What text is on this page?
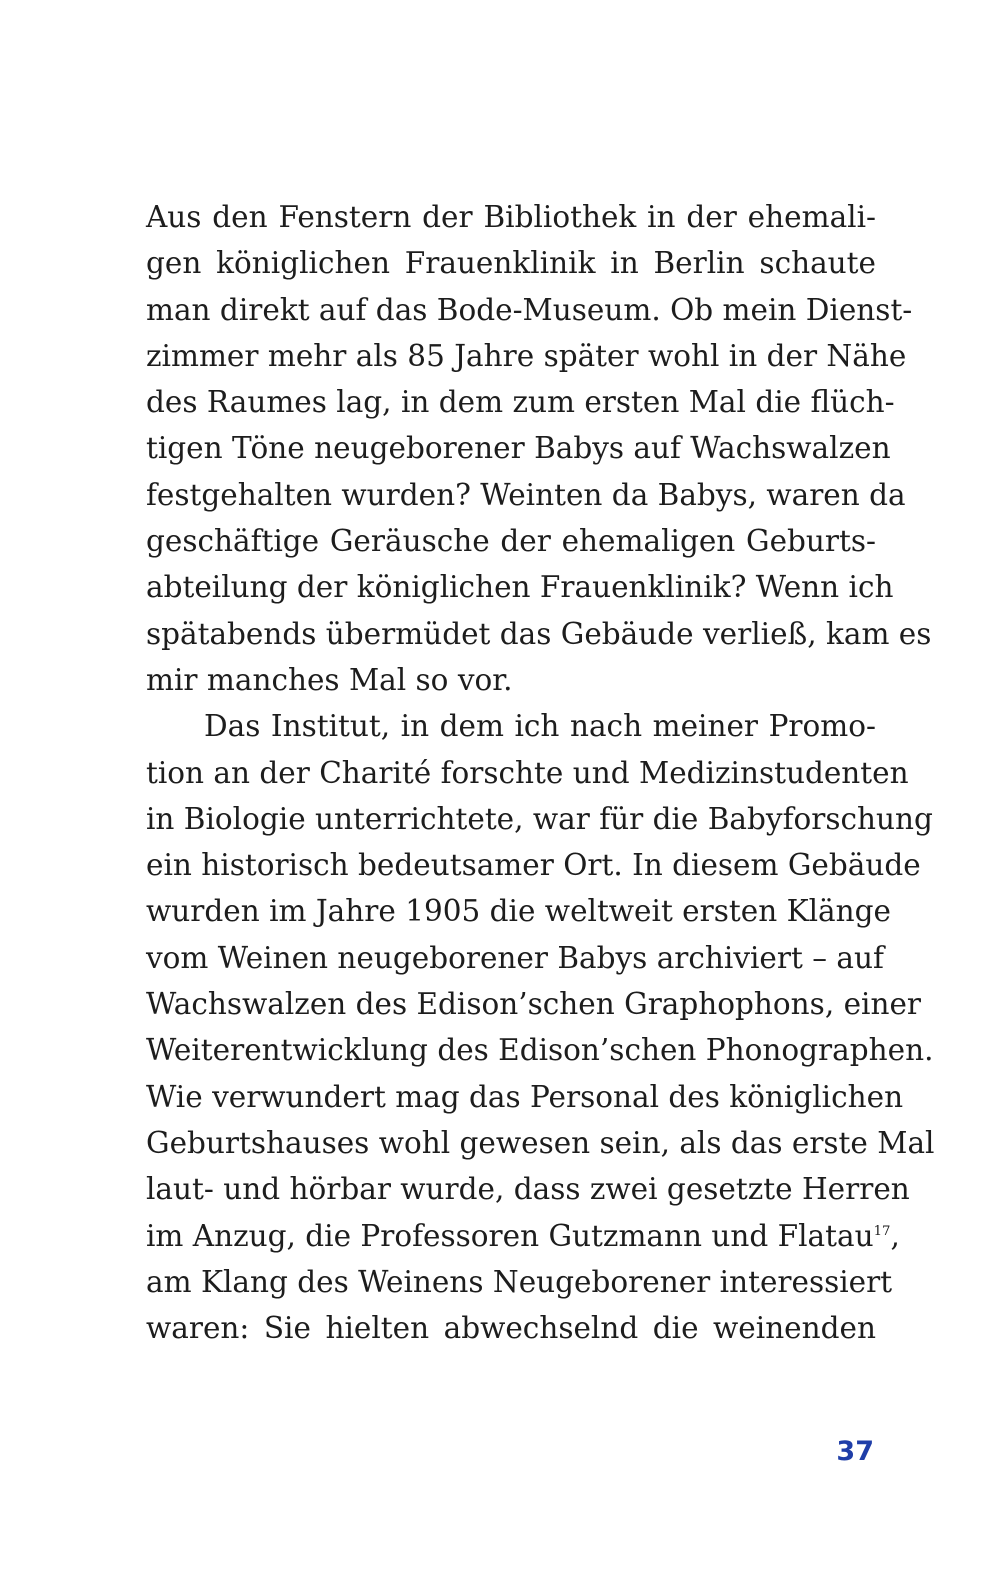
Aus den Fenstern der Bibliothek in der ehemali-
gen königlichen Frauenklinik in Berlin schaute
man direkt auf das Bode-Museum. Ob mein Dienst-
zimmer mehr als 85 Jahre später wohl in der Nähe
des Raumes lag, in dem zum ersten Mal die flüch-
tigen Töne neugeborener Babys auf Wachswalzen
festgehalten wurden? Weinten da Babys, waren da
geschäftige Geräusche der ehemaligen Geburts-
abteilung der königlichen Frauenklinik? Wenn ich
spätabends übermüdet das Gebäude verließ, kam es
mir manches Mal so vor.
Das Institut, in dem ich nach meiner Promo-
tion an der Charité forschte und Medizinstudenten
in Biologie unterrichtete, war für die Babyforschung
ein historisch bedeutsamer Ort. In diesem Gebäude
wurden im Jahre 1905 die weltweit ersten Klänge
vom Weinen neugeborener Babys archiviert – auf
Wachswalzen des Edison’schen Graphophons, einer
Weiterentwicklung des Edison’schen Phonographen.
Wie verwundert mag das Personal des königlichen
Geburtshauses wohl gewesen sein, als das erste Mal
laut- und hörbar wurde, dass zwei gesetzte Herren
im Anzug, die Professoren Gutzmann und Flatau$^{17}$,
am Klang des Weinens Neugeborener interessiert
waren: Sie hielten abwechselnd die weinenden
37
